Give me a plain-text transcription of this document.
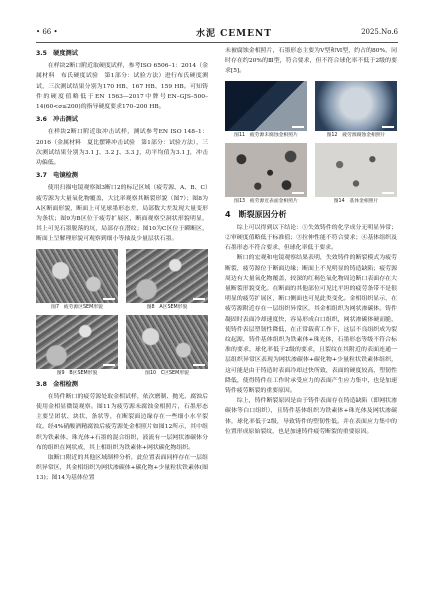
• 66 •	水泥 CEMENT	2025.No.6
3.5　硬度测试
在样块2断口附近取硬度试样，参考ISO 6506–1：2014（金属材料　布氏硬度试验　第1部分：试验方法）进行布氏硬度测试，三次测试结果分别为170 HB、167 HB、159 HB。可知铸件的硬度值略低于EN 1563—2017中牌号EN–GJS–500–14(60<σ≤200)的指导硬度要求170–200 HB。
3.6　冲击测试
在样块2断口附近取冲击试样，测试参考EN ISO 148–1：2016（金属材料　夏比摆锤冲击试验　第1部分：试验方法），三次测试结果分别为3.1 J、3.2 J、3.3 J，功平均值为3.1 J，冲击功偏低。
3.7　电镜检测
使用扫描电镜观察图3断口2的标记区域（疲劳源、A、B、C）疲劳源为大量氧化物覆盖，大比率观察其断裂形貌（图7）；图8为A区断面形貌，断面上可见球墨形态差，局部数大差发现大量变形为条状；图9为B区位于疲劳扩展区，断面观察空洞状形貌明显，其上可见石墨脱落的坑，局部存在潜纹；图10为C区位于瞬断区，断面上呈解理形貌可观察到细小等轴及少量层状石墨。
图7　疲劳源区SEM形貌	图8　A区SEM形貌
图9　B区SEM形貌	图10　C区SEM形貌
3.8　金相检测
在铸件断口的疲劳源处取金相试样，依次磨制、抛光、腐蚀后使用金相显微镜观察。图11为疲劳源未腐蚀金相照片，石墨形态主要呈团状、块状、条状等，在断裂面边缘存在一些细小水平裂纹。经4%硝酸酒精腐蚀后疲劳源处金相照片如图12所示，其中组织为铁素体、珠光体+石墨的混合组织，液流有一层网状渗碳体分布的组织在网状成，其上相组织为铁素体+网状碳化物组织。
取断口附近的其他区域制样分析，此位置表面同样存在一层组织异常区，其金相组织为网状渗碳体+碳化物+少量粒状铁素体(图13)；图14为基体位置
未被腐蚀金相照片，石墨形态主要为Ⅴ型和Ⅵ型，约占的80%，同时存在约20%的Ⅲ型，符合要求，但不符合球化率不低于2级的要求[5]。
图11　疲劳源未腐蚀金相照片	图12　疲劳源腐蚀金相照片
图13　疲劳源近表面金相照片	图14　基体金相照片
4　断裂原因分析
综上可以得到以下结论：①失效铸件的化学成分无明显异常；②审硬度值略低于标准值；③拉伸性能不符合要求；④基体组织及石墨形态不符合要求，但球化率低于要求。
断口的宏观和电镜观察结果表明，失效铸件的断裂模式为疲劳断裂，疲劳源位于断面边缘；断面上不见明显的铸造缺陷；疲劳源周边有大量氧化物覆盖，较深的红褐色氧化物周边断口表面存在大量断裂形貌变化。在断面的其他部位可见比平坦的疲劳条带不是很明显的疲劳扩展区，断口侧面也可见此类变化。金相组织显示，在疲劳源附近存在一层组织异常区，其金相组织为网状渗碳体。铸件凝固时表面冷却速度快，容易形成白口组织，网状渗碳体硬而脆，使铸件表层塑韧性降低，在正常载荷工作下，这层不良组织成为裂纹起源，铸件基体组织为铁素体+珠光体，石墨形态等级不符合标准的要求，球化率低于2级的要求，且裂纹在其附近的表面连通一层组织异常区表现为网状渗碳体+碳化物+少量粒状铁素体组织，这可能是由于铸造时表面冷却过快所致，表面的硬度较高，塑韧性降低，使得铸件在工作时承受应力的表面产生应力集中，也是加速铸件疲劳断裂的重要原因。
综上，铸件断裂原因是由于铸件表面存在铸造缺陷（即网状渗碳体等白口组织），且铸件基体组织为铁素体+珠光体及网状渗碳体，球化率低于2级，导致铸件的塑韧性低。并在表面应力集中的位置形成原始裂纹，也是加速铸件疲劳断裂的重要原因。
